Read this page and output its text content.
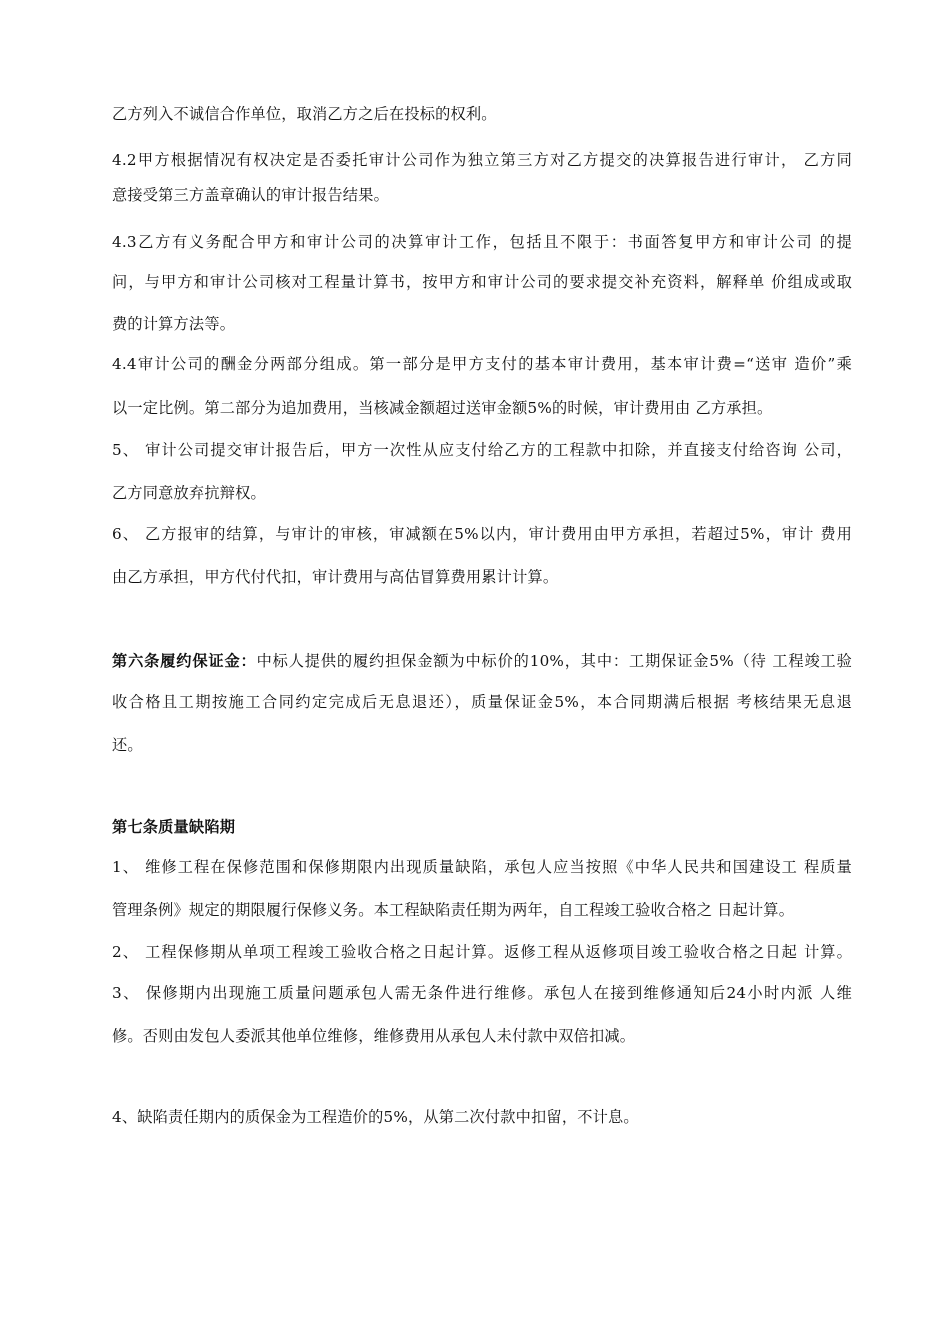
乙方列入不诚信合作单位，取消乙方之后在投标的权利。
4.2甲方根据情况有权决定是否委托审计公司作为独立第三方对乙方提交的决算报告进行审计， 乙方同
意接受第三方盖章确认的审计报告结果。
4.3乙方有义务配合甲方和审计公司的决算审计工作，包括且不限于：书面答复甲方和审计公司 的提
问，与甲方和审计公司核对工程量计算书，按甲方和审计公司的要求提交补充资料，解释单 价组成或取
费的计算方法等。
4.4审计公司的酬金分两部分组成。第一部分是甲方支付的基本审计费用，基本审计费=“送审 造价”乘
以一定比例。第二部分为追加费用，当核减金额超过送审金额5%的时候，审计费用由 乙方承担。
5、 审计公司提交审计报告后，甲方一次性从应支付给乙方的工程款中扣除，并直接支付给咨询 公司，
乙方同意放弃抗辩权。
6、 乙方报审的结算，与审计的审核，审减额在5%以内，审计费用由甲方承担，若超过5%，审计 费用
由乙方承担，甲方代付代扣，审计费用与高估冒算费用累计计算。
第六条履约保证金：中标人提供的履约担保金额为中标价的10%，其中：工期保证金5%（待 工程竣工验
收合格且工期按施工合同约定完成后无息退还），质量保证金5%，本合同期满后根据 考核结果无息退
还。
第七条质量缺陷期
1、 维修工程在保修范围和保修期限内出现质量缺陷，承包人应当按照《中华人民共和国建设工 程质量
管理条例》规定的期限履行保修义务。本工程缺陷责任期为两年，自工程竣工验收合格之 日起计算。
2、 工程保修期从单项工程竣工验收合格之日起计算。返修工程从返修项目竣工验收合格之日起 计算。
3、 保修期内出现施工质量问题承包人需无条件进行维修。承包人在接到维修通知后24小时内派 人维
修。否则由发包人委派其他单位维修，维修费用从承包人未付款中双倍扣减。
4、缺陷责任期内的质保金为工程造价的5%，从第二次付款中扣留，不计息。
